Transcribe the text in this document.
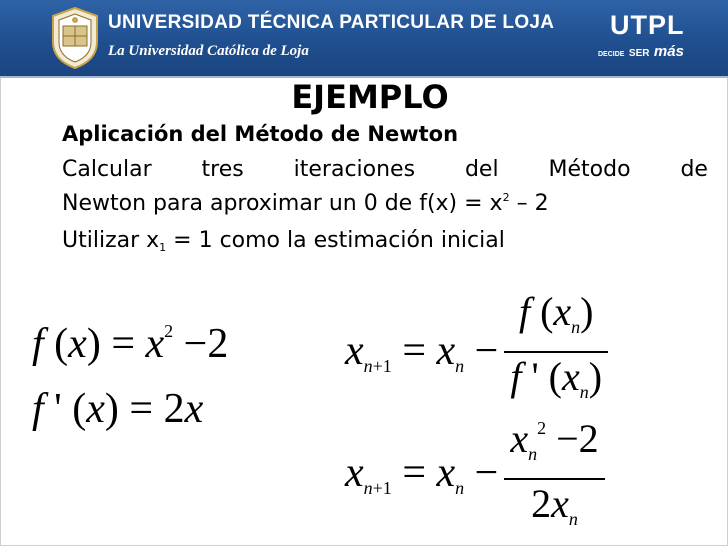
UNIVERSIDAD TÉCNICA PARTICULAR DE LOJA
La Universidad Católica de Loja
UTPL
DECIDE SER más
EJEMPLO
Aplicación del Método de Newton
Calcular tres iteraciones del Método de
Newton para aproximar un 0 de $f(x) = x^2 - 2$
Utilizar $x_1 = 1$ como la estimación inicial
f $(x) = x^2 -2$
f ' (x) = 2x
$x_{n+1} = x_n - \frac{f (x_n)}{f ' (x_n)}$
$x_{n+1} = x_n - \frac{x_n^2 -2}{2x_n}$
